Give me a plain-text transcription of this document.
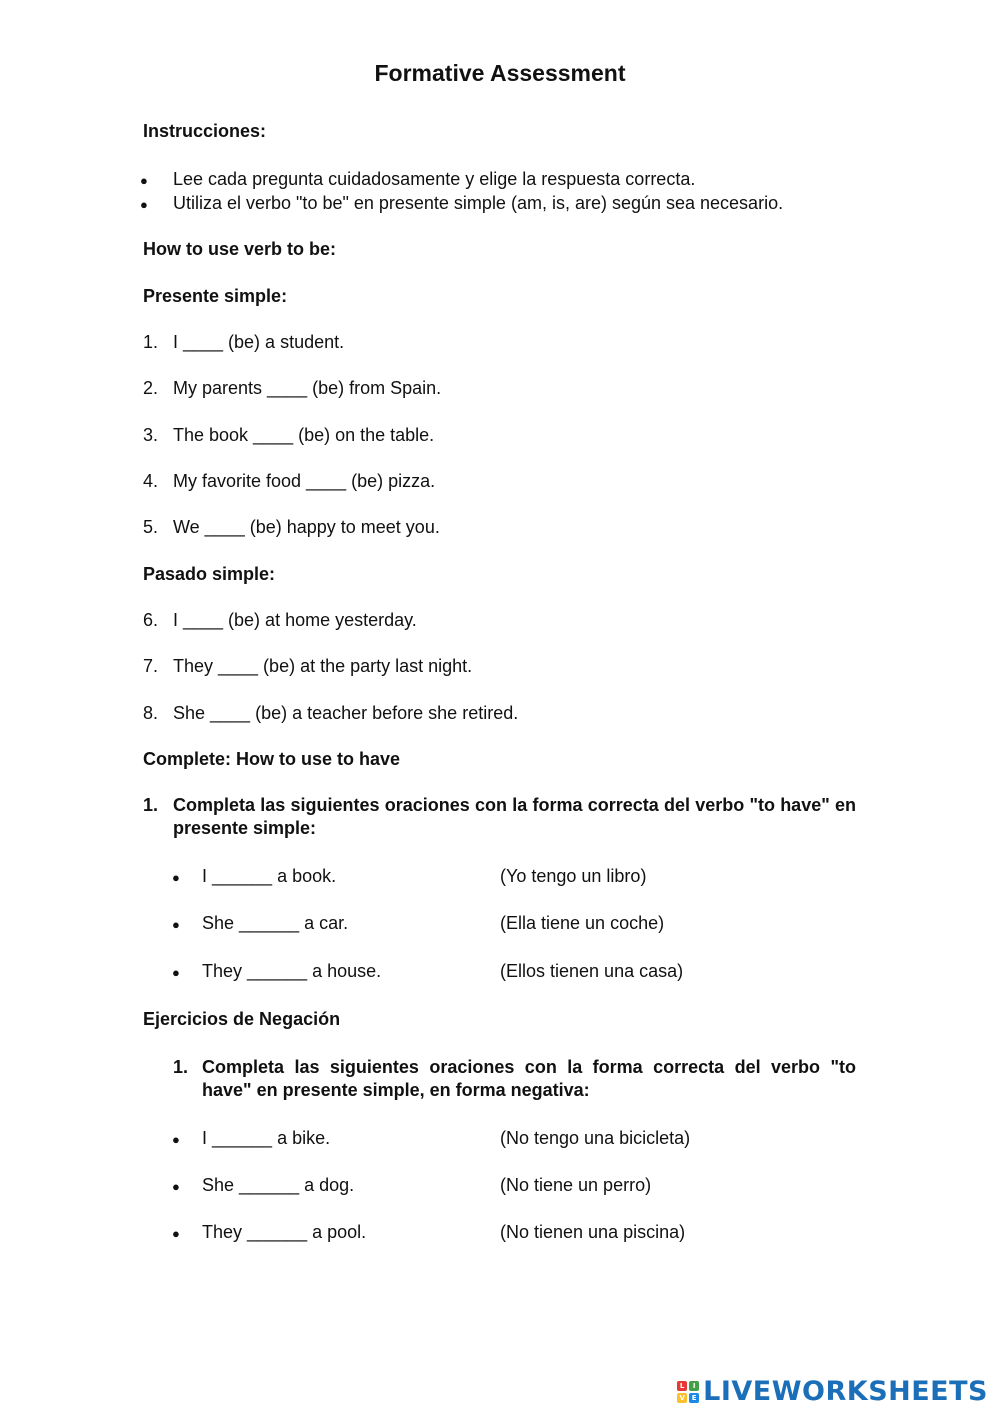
Formative Assessment
Instrucciones:
● Lee cada pregunta cuidadosamente y elige la respuesta correcta.
● Utiliza el verbo "to be" en presente simple (am, is, are) según sea necesario.
How to use verb to be:
Presente simple:
1. I ____ (be) a student.
2. My parents ____ (be) from Spain.
3. The book ____ (be) on the table.
4. My favorite food ____ (be) pizza.
5. We ____ (be) happy to meet you.
Pasado simple:
6. I ____ (be) at home yesterday.
7. They ____ (be) at the party last night.
8. She ____ (be) a teacher before she retired.
Complete: How to use to have
1. Completa las siguientes oraciones con la forma correcta del verbo "to have" en presente simple:
● I ______ a book.	(Yo tengo un libro)
● She ______ a car.	(Ella tiene un coche)
● They ______ a house.	(Ellos tienen una casa)
Ejercicios de Negación
1. Completa las siguientes oraciones con la forma correcta del verbo "to have" en presente simple, en forma negativa:
● I ______ a bike.	(No tengo una bicicleta)
● She ______ a dog.	(No tiene un perro)
● They ______ a pool.	(No tienen una piscina)
L	I
V E LIVEWORKSHEETS
